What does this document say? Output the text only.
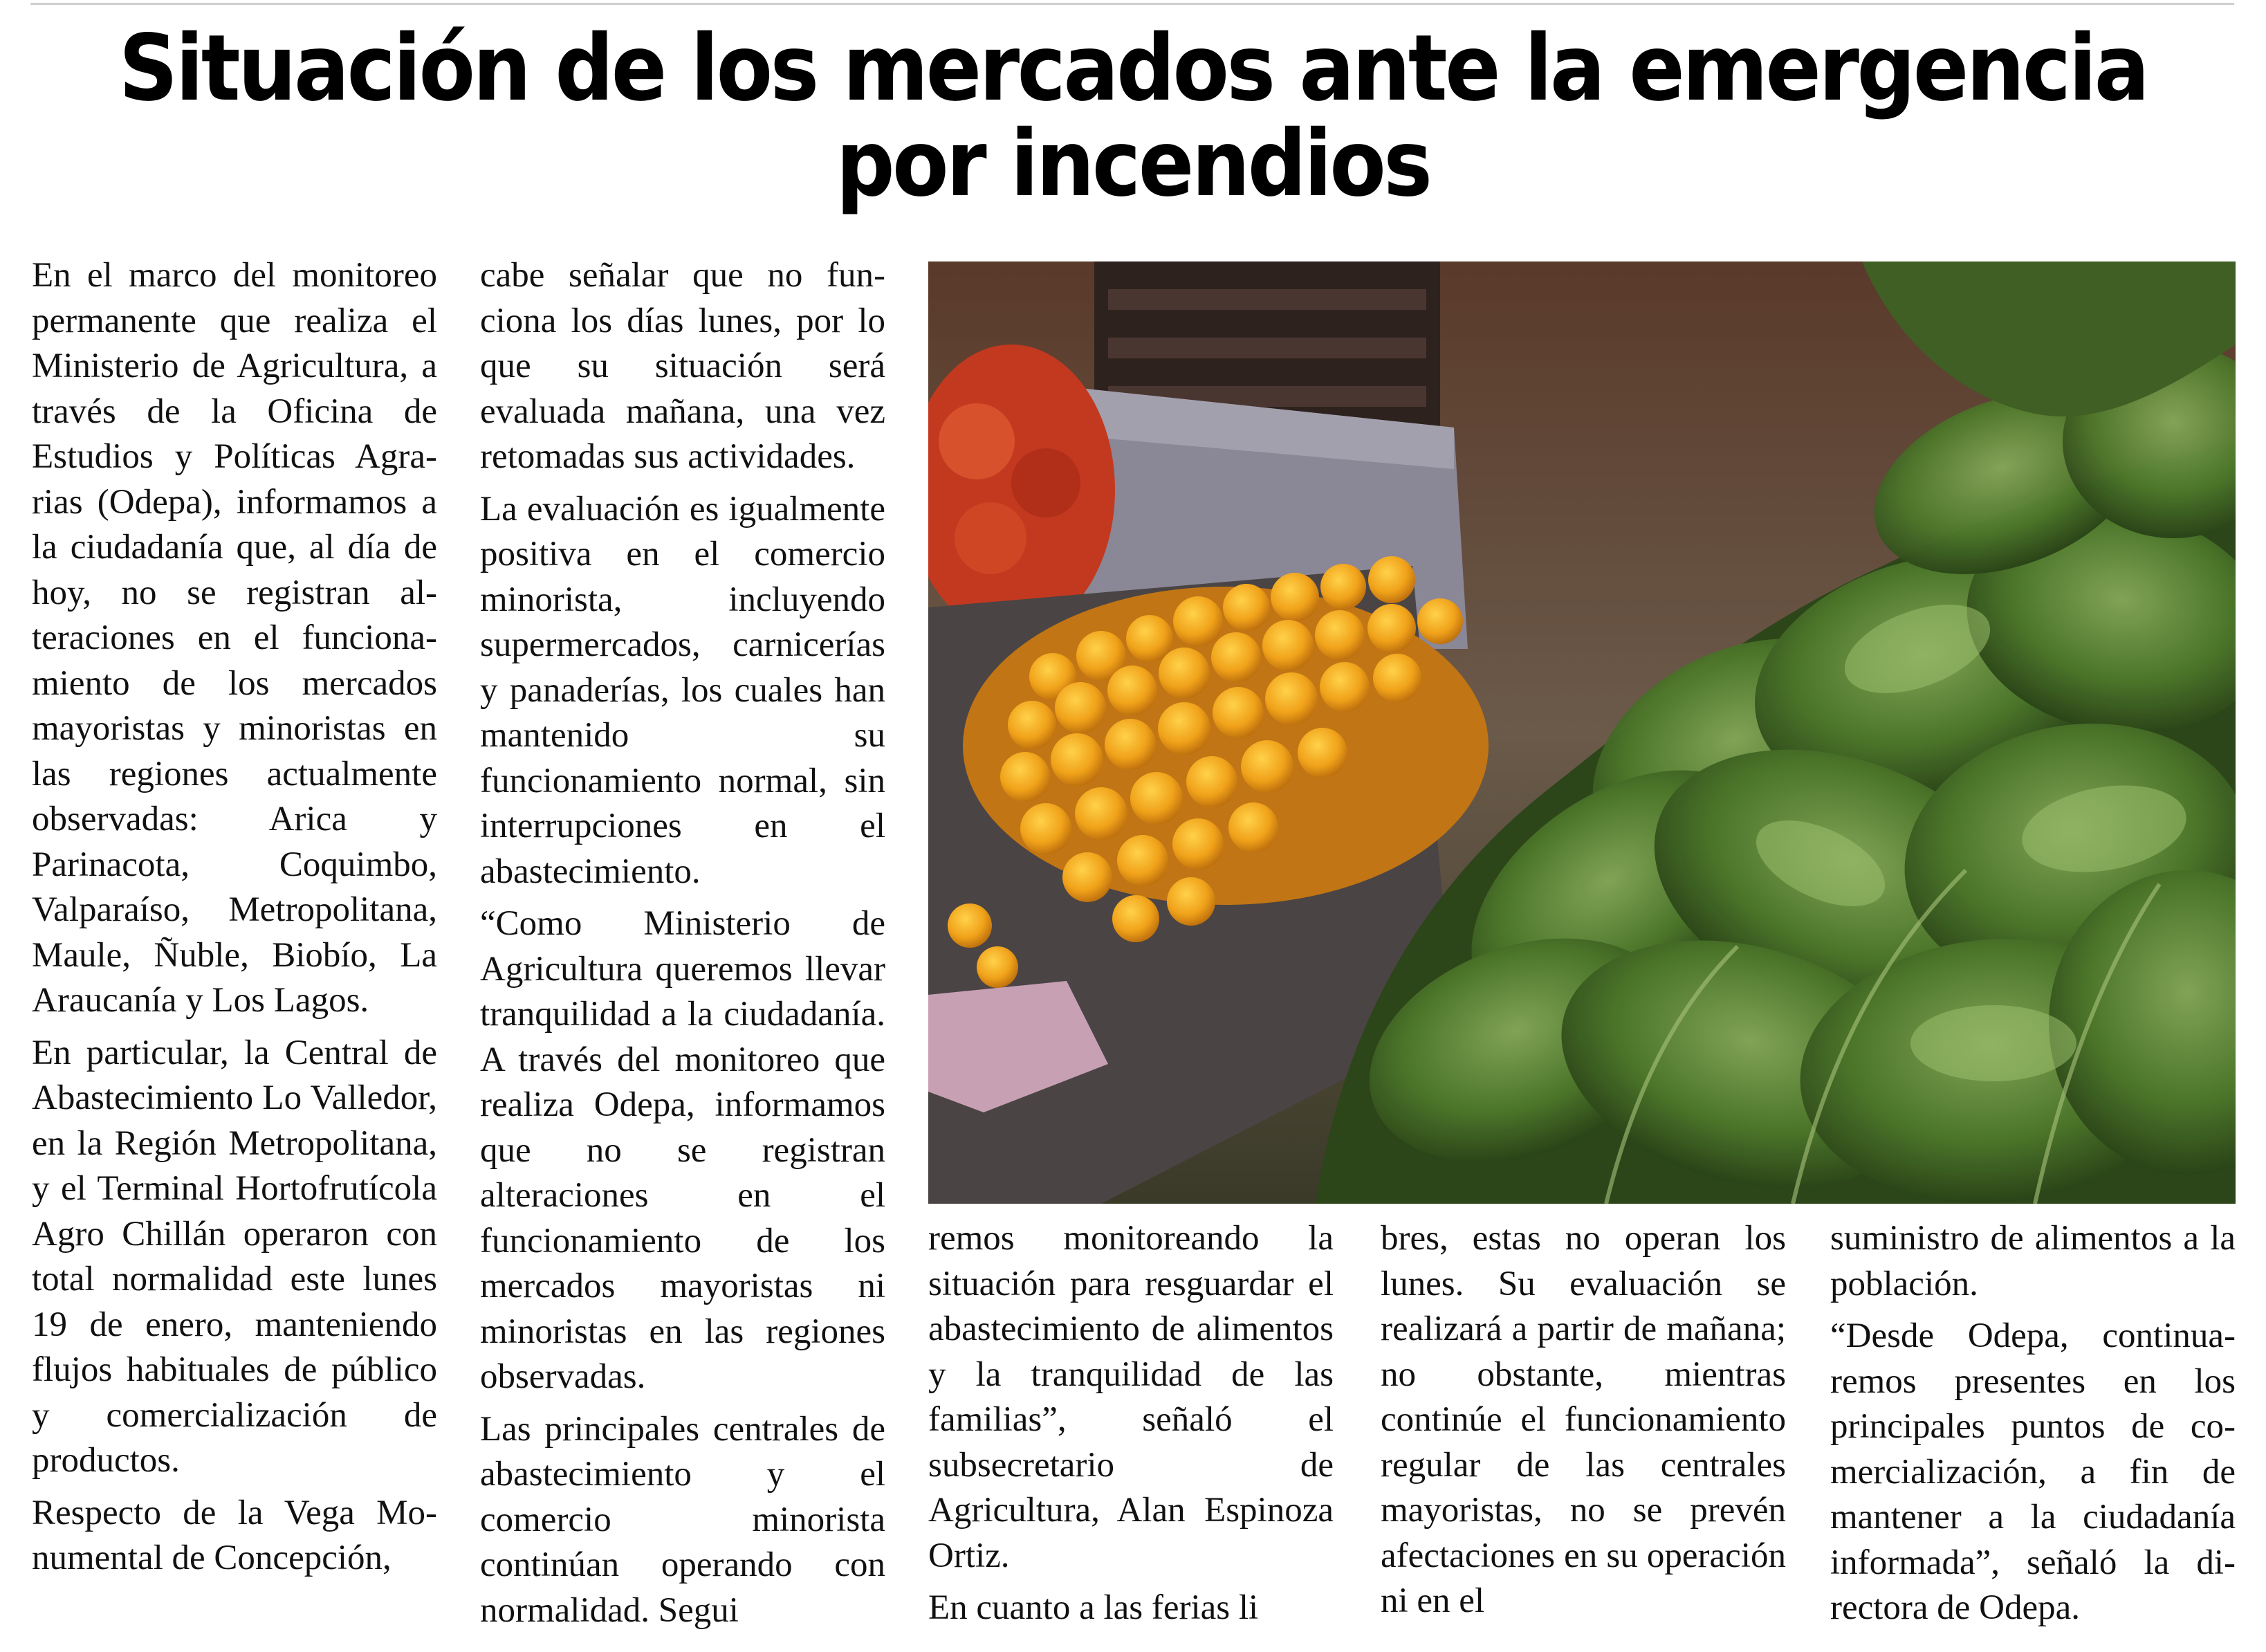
Situación de los mercados ante la emergencia
por incendios

En el marco del monitoreo permanente que realiza el Ministerio de Agricultura, a través de la Oficina de Estudios y Políticas Agrarias (Odepa), informamos a la ciudadanía que, al día de hoy, no se registran alteraciones en el funcionamiento de los mercados mayoristas y minoristas en las regiones actualmente observadas: Arica y Parinacota, Coquimbo, Valparaíso, Metropolitana, Maule, Ñuble, Biobío, La Araucanía y Los Lagos.

En particular, la Central de Abastecimiento Lo Valledor, en la Región Metropolitana, y el Terminal Hortofrutícola Agro Chillán operaron con total normalidad este lunes 19 de enero, manteniendo flujos habituales de público y comercialización de productos.

Respecto de la Vega Monumental de Concepción,

cabe señalar que no funciona los días lunes, por lo que su situación será evaluada mañana, una vez retomadas sus actividades.

La evaluación es igualmente positiva en el comercio minorista, incluyendo supermercados, carnicerías y panaderías, los cuales han mantenido su funcionamiento normal, sin interrupciones en el abastecimiento.

“Como Ministerio de Agricultura queremos llevar tranquilidad a la ciudadanía. A través del monitoreo que realiza Odepa, informamos que no se registran alteraciones en el funcionamiento de los mercados mayoristas ni minoristas en las regiones observadas.

Las principales centrales de abastecimiento y el comercio minorista continúan operando con normalidad. Segui

remos monitoreando la situación para resguardar el abastecimiento de alimentos y la tranquilidad de las familias”, señaló el subsecretario de Agricultura, Alan Espinoza Ortiz.

En cuanto a las ferias li

bres, estas no operan los lunes. Su evaluación se realizará a partir de mañana; no obstante, mientras continúe el funcionamiento regular de las centrales mayoristas, no se prevén afectaciones en su operación ni en el

suministro de alimentos a la población.

“Desde Odepa, continuaremos presentes en los principales puntos de comercialización, a fin de mantener a la ciudadanía informada”, señaló la directora de Odepa.
